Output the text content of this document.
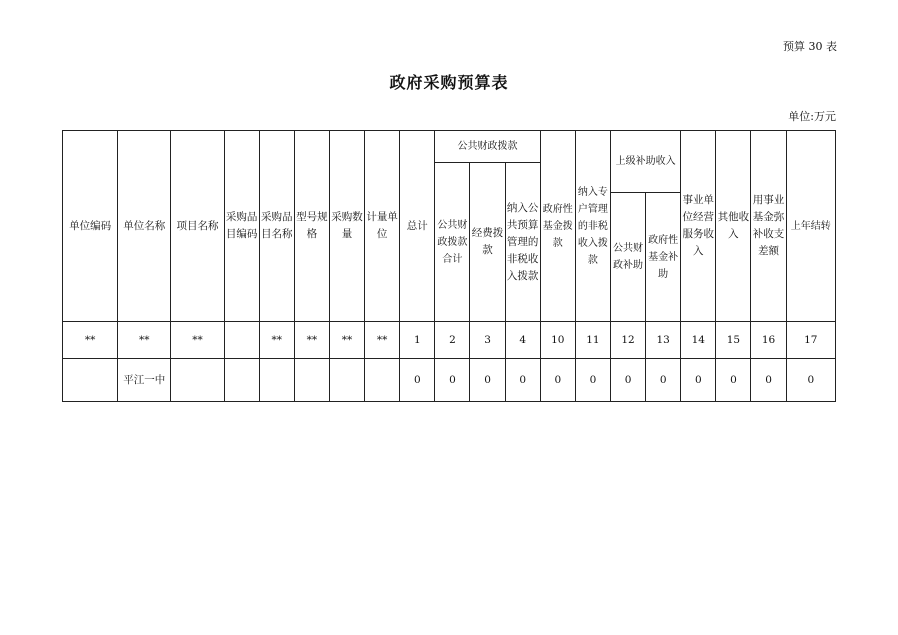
预算 30 表
政府采购预算表
单位:万元
单位编码	单位名称	项目名称	采购品目编码	采购品目名称	型号规格	采购数量	计量单位	总计	公共财政拨款			政府性基金拨款	纳入专户管理的非税收入拨款	上级补助收入		事业单位经营服务收入	其他收入	用事业基金弥补收支差额	上年结转
									公共财政拨款合计	经费拨款	纳入公共预算管理的非税收入拨款								
														公共财政补助	政府性基金补助				
**	**	**		**	**	**	**	1	2	3	4	10	11	12	13	14	15	16	17
	平江一中							0	0	0	0	0	0	0	0	0	0	0	0
